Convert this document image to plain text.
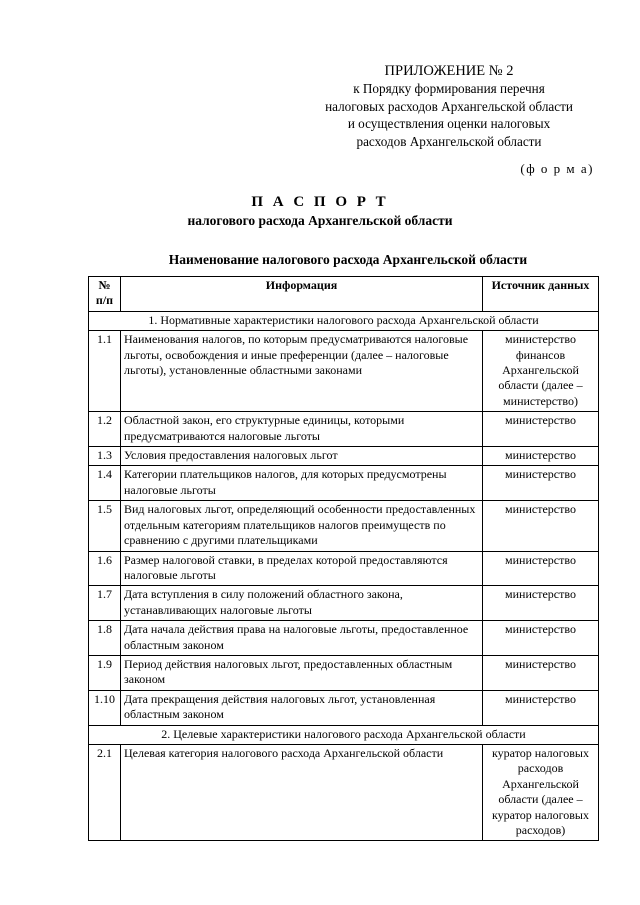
ПРИЛОЖЕНИЕ № 2
к Порядку формирования перечня
налоговых расходов Архангельской области
и осуществления оценки налоговых
расходов Архангельской области
(ф о р м а)
П А С П О Р Т
налогового расхода Архангельской области
Наименование налогового расхода Архангельской области
№ п/п	Информация	Источник данных
1. Нормативные характеристики налогового расхода Архангельской области		
1.1	Наименования налогов, по которым предусматриваются налоговые льготы, освобождения и иные преференции (далее – налоговые льготы), установленные областными законами	министерство финансов Архангельской области (далее – министерство)
1.2	Областной закон, его структурные единицы, которыми предусматриваются налоговые льготы	министерство
1.3	Условия предоставления налоговых льгот	министерство
1.4	Категории плательщиков налогов, для которых предусмотрены налоговые льготы	министерство
1.5	Вид налоговых льгот, определяющий особенности предоставленных отдельным категориям плательщиков налогов преимуществ по сравнению с другими плательщиками	министерство
1.6	Размер налоговой ставки, в пределах которой предоставляются налоговые льготы	министерство
1.7	Дата вступления в силу положений областного закона, устанавливающих налоговые льготы	министерство
1.8	Дата начала действия права на налоговые льготы, предоставленное областным законом	министерство
1.9	Период действия налоговых льгот, предоставленных областным законом	министерство
1.10	Дата прекращения действия налоговых льгот, установленная областным законом	министерство
2. Целевые характеристики налогового расхода Архангельской области		
2.1	Целевая категория налогового расхода Архангельской области	куратор налоговых расходов Архангельской области (далее – куратор налоговых расходов)
